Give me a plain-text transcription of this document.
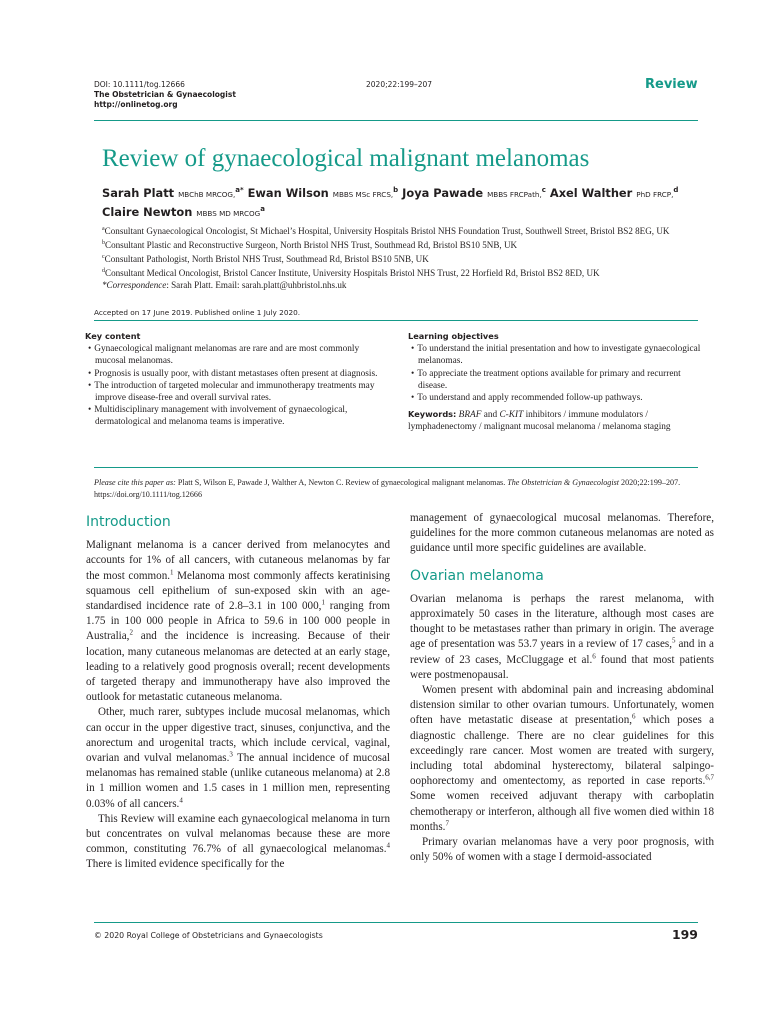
DOI: 10.1111/tog.12666
The Obstetrician & Gynaecologist
http://onlinetog.org
2020;22:199–207	Review
Review of gynaecological malignant melanomas
Sarah Platt MBChB MRCOG,$^{a*}$ Ewan Wilson MBBS MSc FRCS,$^b$ Joya Pawade MBBS FRCPath,$^c$ Axel Walther PhD FRCP,$^d$
Claire Newton MBBS MD MRCOG$^a$
$^a$Consultant Gynaecological Oncologist, St Michael’s Hospital, University Hospitals Bristol NHS Foundation Trust, Southwell Street, Bristol BS2 8EG, UK
$^b$Consultant Plastic and Reconstructive Surgeon, North Bristol NHS Trust, Southmead Rd, Bristol BS10 5NB, UK
$^c$Consultant Pathologist, North Bristol NHS Trust, Southmead Rd, Bristol BS10 5NB, UK
$^d$Consultant Medical Oncologist, Bristol Cancer Institute, University Hospitals Bristol NHS Trust, 22 Horfield Rd, Bristol BS2 8ED, UK
*Correspondence: Sarah Platt. Email: sarah.platt@uhbristol.nhs.uk
Accepted on 17 June 2019. Published online 1 July 2020.
Key content
• Gynaecological malignant melanomas are rare and are most commonly mucosal melanomas.
• Prognosis is usually poor, with distant metastases often present at diagnosis.
• The introduction of targeted molecular and immunotherapy treatments may improve disease-free and overall survival rates.
• Multidisciplinary management with involvement of gynaecological, dermatological and melanoma teams is imperative.
Learning objectives
• To understand the initial presentation and how to investigate gynaecological melanomas.
• To appreciate the treatment options available for primary and recurrent disease.
• To understand and apply recommended follow-up pathways.
Keywords: BRAF and C-KIT inhibitors / immune modulators / lymphadenectomy / malignant mucosal melanoma / melanoma staging
Please cite this paper as: Platt S, Wilson E, Pawade J, Walther A, Newton C. Review of gynaecological malignant melanomas. The Obstetrician & Gynaecologist 2020;22:199–207. https://doi.org/10.1111/tog.12666
Introduction

Malignant melanoma is a cancer derived from melanocytes and accounts for 1% of all cancers, with cutaneous melanomas by far the most common.$^1$ Melanoma most commonly affects keratinising squamous cell epithelium of sun-exposed skin with an age-standardised incidence rate of 2.8–3.1 in 100 000,$^1$ ranging from 1.75 in 100 000 people in Africa to 59.6 in 100 000 people in Australia,$^2$ and the incidence is increasing. Because of their location, many cutaneous melanomas are detected at an early stage, leading to a relatively good prognosis overall; recent developments of targeted therapy and immunotherapy have also improved the outlook for metastatic cutaneous melanoma.

Other, much rarer, subtypes include mucosal melanomas, which can occur in the upper digestive tract, sinuses, conjunctiva, and the anorectum and urogenital tracts, which include cervical, vaginal, ovarian and vulval melanomas.$^3$ The annual incidence of mucosal melanomas has remained stable (unlike cutaneous melanoma) at 2.8 in 1 million women and 1.5 cases in 1 million men, representing 0.03% of all cancers.$^4$

This Review will examine each gynaecological melanoma in turn but concentrates on vulval melanomas because these are more common, constituting 76.7% of all gynaecological melanomas.$^4$ There is limited evidence specifically for the

management of gynaecological mucosal melanomas. Therefore, guidelines for the more common cutaneous melanomas are noted as guidance until more specific guidelines are available.

Ovarian melanoma

Ovarian melanoma is perhaps the rarest melanoma, with approximately 50 cases in the literature, although most cases are thought to be metastases rather than primary in origin. The average age of presentation was 53.7 years in a review of 17 cases,$^5$ and in a review of 23 cases, McCluggage et al.$^6$ found that most patients were postmenopausal.

Women present with abdominal pain and increasing abdominal distension similar to other ovarian tumours. Unfortunately, women often have metastatic disease at presentation,$^6$ which poses a diagnostic challenge. There are no clear guidelines for this exceedingly rare cancer. Most women are treated with surgery, including total abdominal hysterectomy, bilateral salpingo-oophorectomy and omentectomy, as reported in case reports.$^{6,7}$ Some women received adjuvant therapy with carboplatin chemotherapy or interferon, although all five women died within 18 months.$^7$

Primary ovarian melanomas have a very poor prognosis, with only 50% of women with a stage I dermoid-associated

© 2020 Royal College of Obstetricians and Gynaecologists	199
